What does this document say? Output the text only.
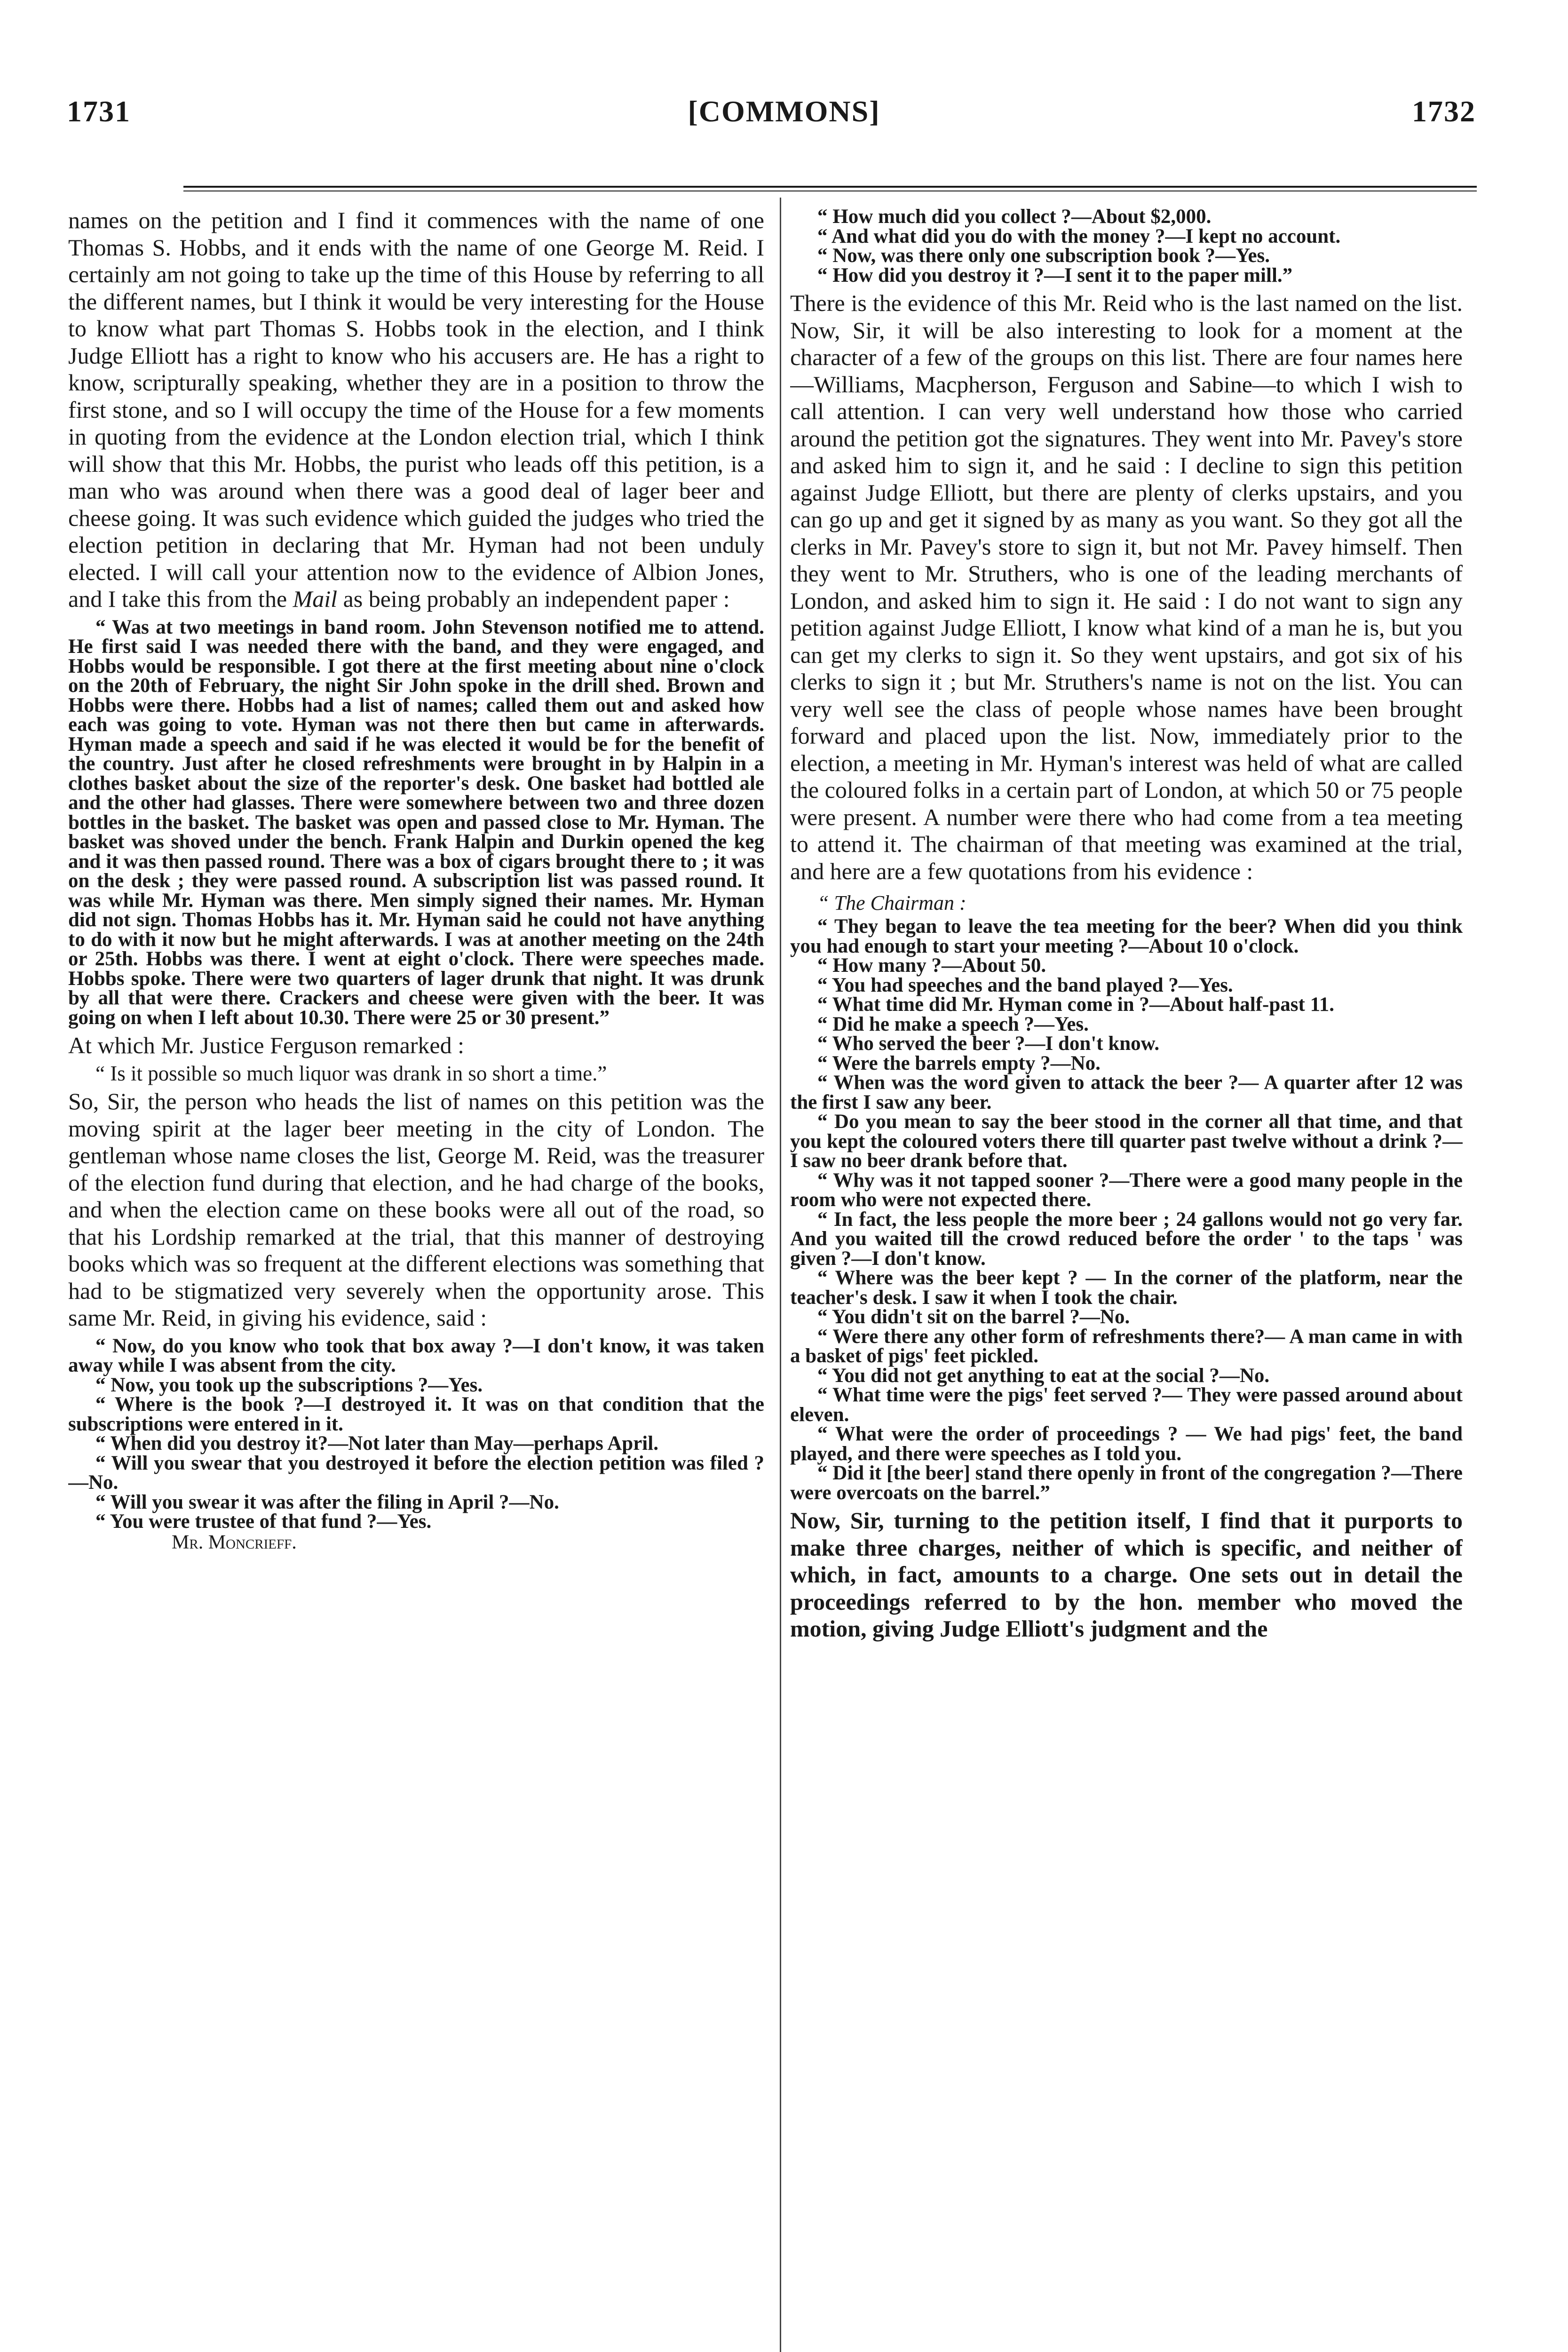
1731	[COMMONS]	1732

names on the petition and I find it commences with the name of one Thomas S. Hobbs, and it ends with the name of one George M. Reid. I certainly am not going to take up the time of this House by referring to all the different names, but I think it would be very interesting for the House to know what part Thomas S. Hobbs took in the election, and I think Judge Elliott has a right to know who his accusers are. He has a right to know, scripturally speaking, whether they are in a position to throw the first stone, and so I will occupy the time of the House for a few moments in quoting from the evidence at the London election trial, which I think will show that this Mr. Hobbs, the purist who leads off this petition, is a man who was around when there was a good deal of lager beer and cheese going. It was such evidence which guided the judges who tried the election petition in declaring that Mr. Hyman had not been unduly elected. I will call your attention now to the evidence of Albion Jones, and I take this from the Mail as being probably an independent paper :

“ Was at two meetings in band room. John Stevenson notified me to attend. He first said I was needed there with the band, and they were engaged, and Hobbs would be responsible. I got there at the first meeting about nine o'clock on the 20th of February, the night Sir John spoke in the drill shed. Brown and Hobbs were there. Hobbs had a list of names; called them out and asked how each was going to vote. Hyman was not there then but came in afterwards. Hyman made a speech and said if he was elected it would be for the benefit of the country. Just after he closed refreshments were brought in by Halpin in a clothes basket about the size of the reporter's desk. One basket had bottled ale and the other had glasses. There were somewhere between two and three dozen bottles in the basket. The basket was open and passed close to Mr. Hyman. The basket was shoved under the bench. Frank Halpin and Durkin opened the keg and it was then passed round. There was a box of cigars brought there to ; it was on the desk ; they were passed round. A subscription list was passed round. It was while Mr. Hyman was there. Men simply signed their names. Mr. Hyman did not sign. Thomas Hobbs has it. Mr. Hyman said he could not have anything to do with it now but he might afterwards. I was at another meeting on the 24th or 25th. Hobbs was there. I went at eight o'clock. There were speeches made. Hobbs spoke. There were two quarters of lager drunk that night. It was drunk by all that were there. Crackers and cheese were given with the beer. It was going on when I left about 10.30. There were 25 or 30 present.”
At which Mr. Justice Ferguson remarked :
“ Is it possible so much liquor was drank in so short a time.”
So, Sir, the person who heads the list of names on this petition was the moving spirit at the lager beer meeting in the city of London. The gentleman whose name closes the list, George M. Reid, was the treasurer of the election fund during that election, and he had charge of the books, and when the election came on these books were all out of the road, so that his Lordship remarked at the trial, that this manner of destroying books which was so frequent at the different elections was something that had to be stigmatized very severely when the opportunity arose. This same Mr. Reid, in giving his evidence, said :

“ Now, do you know who took that box away ?—I don't know, it was taken away while I was absent from the city.

“ Now, you took up the subscriptions ?—Yes.

“ Where is the book ?—I destroyed it. It was on that condition that the subscriptions were entered in it.

“ When did you destroy it?—Not later than May—perhaps April.

“ Will you swear that you destroyed it before the election petition was filed ?—No.

“ Will you swear it was after the filing in April ?—No.

“ You were trustee of that fund ?—Yes.

Mr. Moncrieff.

“ How much did you collect ?—About $2,000.

“ And what did you do with the money ?—I kept no account.

“ Now, was there only one subscription book ?—Yes.

“ How did you destroy it ?—I sent it to the paper mill.”

There is the evidence of this Mr. Reid who is the last named on the list. Now, Sir, it will be also interesting to look for a moment at the character of a few of the groups on this list. There are four names here—Williams, Macpherson, Ferguson and Sabine—to which I wish to call attention. I can very well understand how those who carried around the petition got the signatures. They went into Mr. Pavey's store and asked him to sign it, and he said : I decline to sign this petition against Judge Elliott, but there are plenty of clerks upstairs, and you can go up and get it signed by as many as you want. So they got all the clerks in Mr. Pavey's store to sign it, but not Mr. Pavey himself. Then they went to Mr. Struthers, who is one of the leading merchants of London, and asked him to sign it. He said : I do not want to sign any petition against Judge Elliott, I know what kind of a man he is, but you can get my clerks to sign it. So they went upstairs, and got six of his clerks to sign it ; but Mr. Struthers's name is not on the list. You can very well see the class of people whose names have been brought forward and placed upon the list. Now, immediately prior to the election, a meeting in Mr. Hyman's interest was held of what are called the coloured folks in a certain part of London, at which 50 or 75 people were present. A number were there who had come from a tea meeting to attend it. The chairman of that meeting was examined at the trial, and here are a few quotations from his evidence :
“ The Chairman :

“ They began to leave the tea meeting for the beer? When did you think you had enough to start your meeting ?—About 10 o'clock.

“ How many ?—About 50.

“ You had speeches and the band played ?—Yes.

“ What time did Mr. Hyman come in ?—About half-past 11.

“ Did he make a speech ?—Yes.

“ Who served the beer ?—I don't know.

“ Were the barrels empty ?—No.

“ When was the word given to attack the beer ?— A quarter after 12 was the first I saw any beer.

“ Do you mean to say the beer stood in the corner all that time, and that you kept the coloured voters there till quarter past twelve without a drink ?—I saw no beer drank before that.

“ Why was it not tapped sooner ?—There were a good many people in the room who were not expected there.

“ In fact, the less people the more beer ; 24 gallons would not go very far. And you waited till the crowd reduced before the order ' to the taps ' was given ?—I don't know.

“ Where was the beer kept ? — In the corner of the platform, near the teacher's desk. I saw it when I took the chair.

“ You didn't sit on the barrel ?—No.

“ Were there any other form of refreshments there?— A man came in with a basket of pigs' feet pickled.

“ You did not get anything to eat at the social ?—No.

“ What time were the pigs' feet served ?— They were passed around about eleven.

“ What were the order of proceedings ? — We had pigs' feet, the band played, and there were speeches as I told you.

“ Did it [the beer] stand there openly in front of the congregation ?—There were overcoats on the barrel.”

Now, Sir, turning to the petition itself, I find that it purports to make three charges, neither of which is specific, and neither of which, in fact, amounts to a charge. One sets out in detail the proceedings referred to by the hon. member who moved the motion, giving Judge Elliott's judgment and the
